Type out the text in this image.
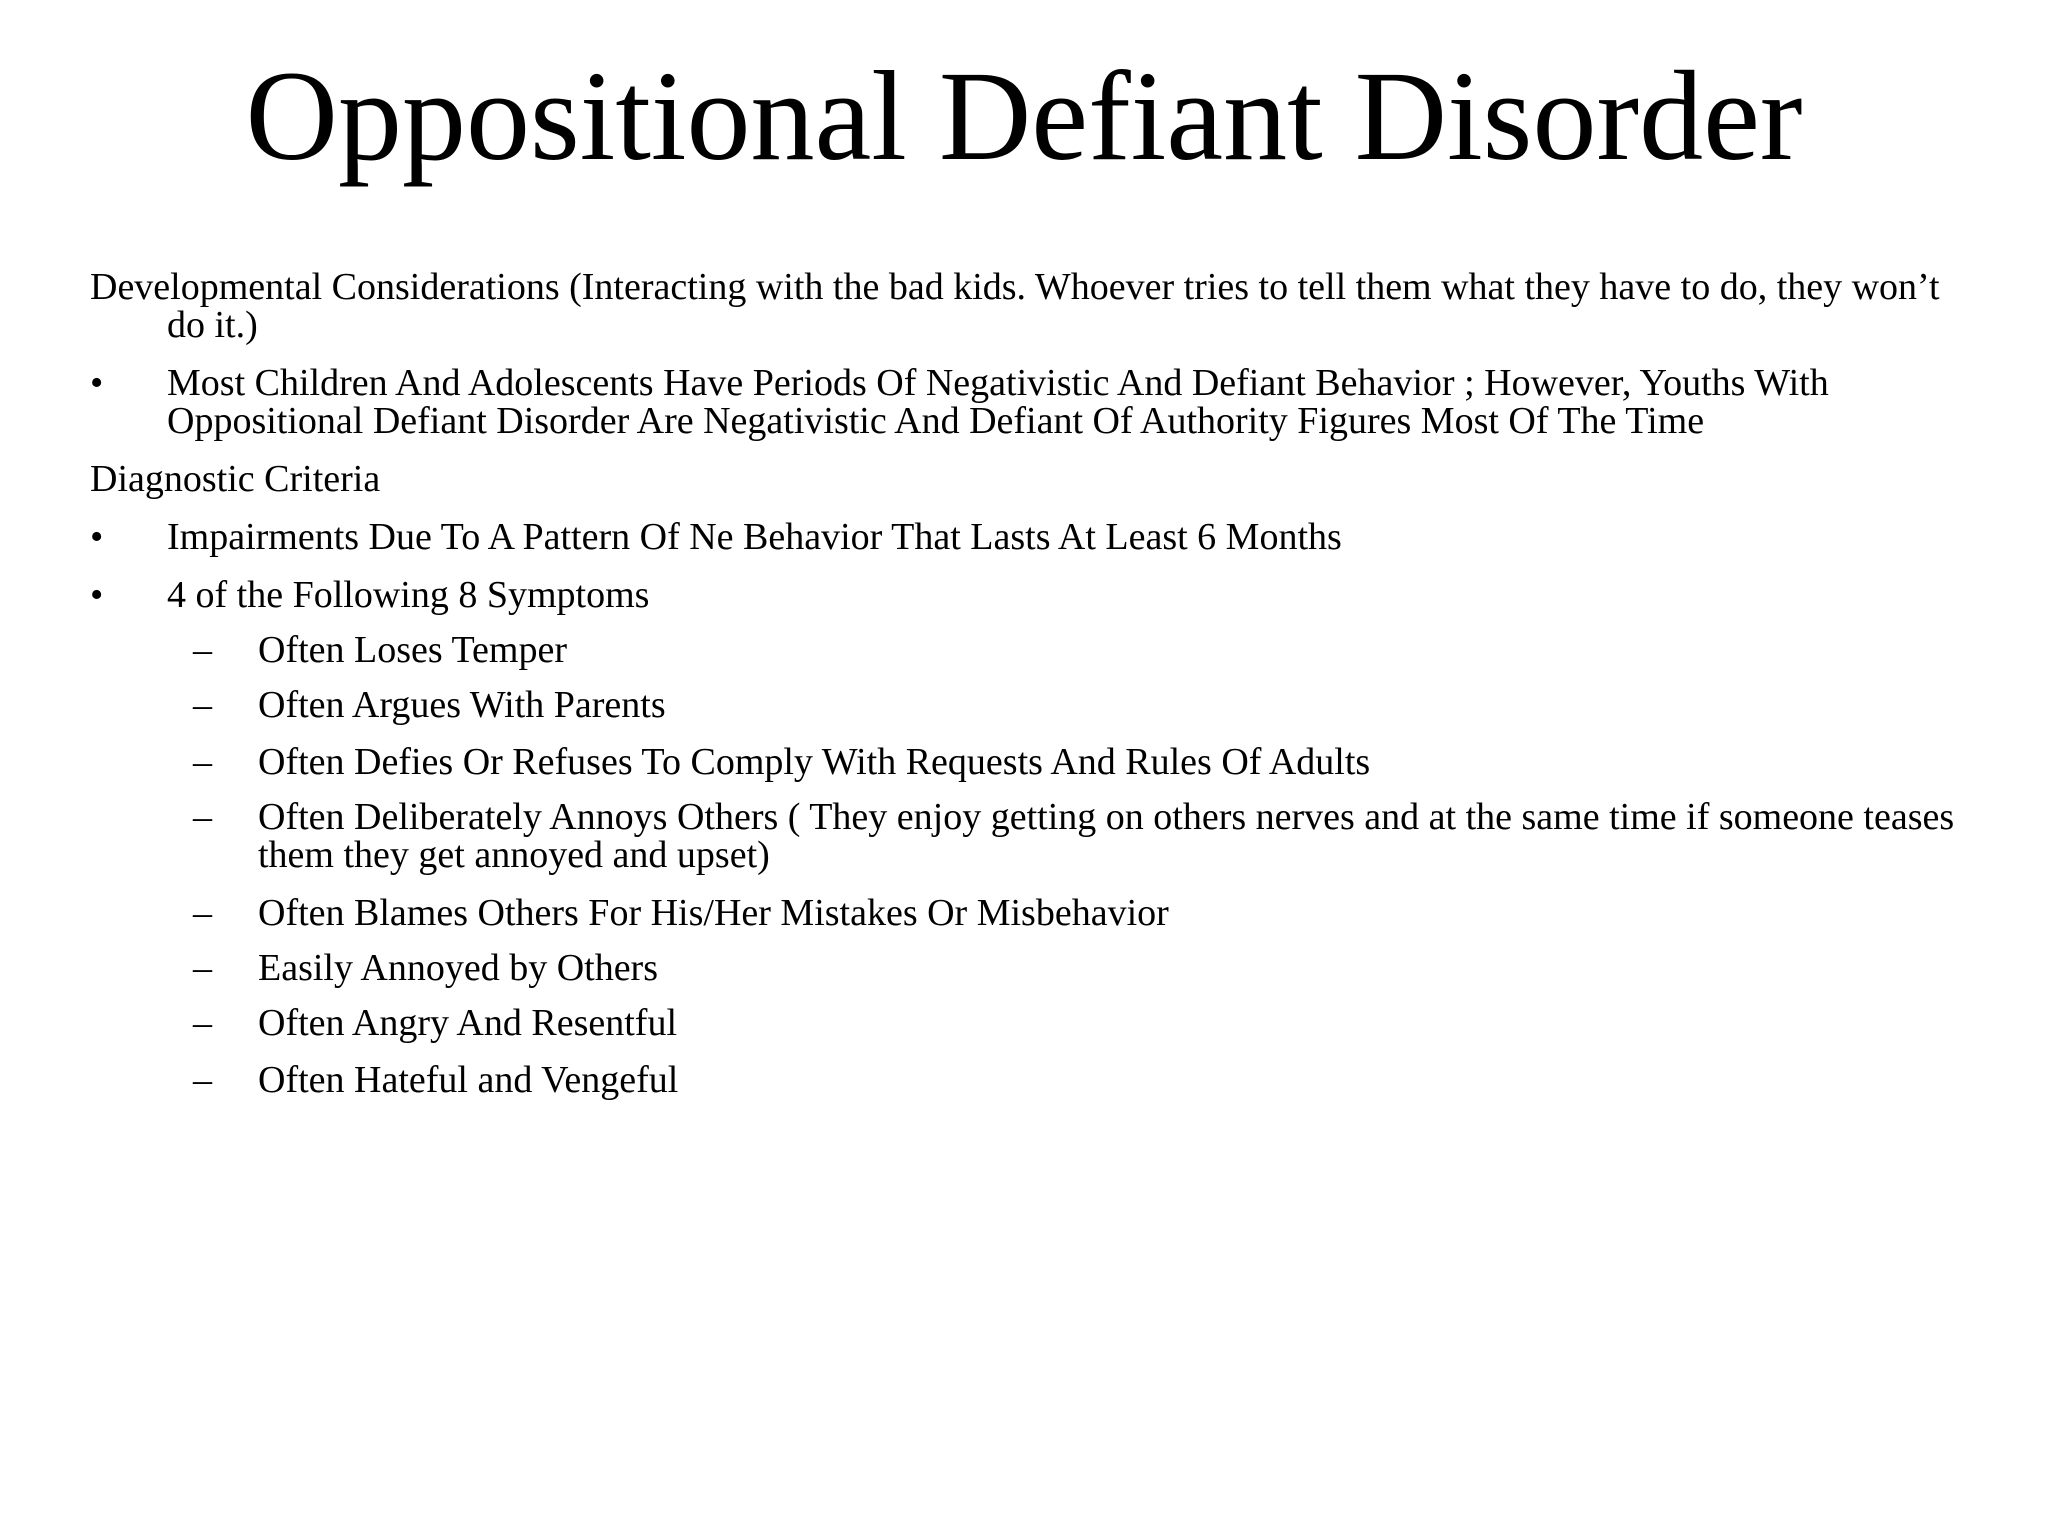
Oppositional Defiant Disorder
Developmental Considerations (Interacting with the bad kids. Whoever tries to tell them what they have to do, they won’t do it.)
• Most Children And Adolescents Have Periods Of Negativistic And Defiant Behavior ; However, Youths With Oppositional Defiant Disorder Are Negativistic And Defiant Of Authority Figures Most Of The Time
Diagnostic Criteria
• Impairments Due To A Pattern Of Ne Behavior That Lasts At Least 6 Months
• 4 of the Following 8 Symptoms
– Often Loses Temper
– Often Argues With Parents
– Often Defies Or Refuses To Comply With Requests And Rules Of Adults
– Often Deliberately Annoys Others ( They enjoy getting on others nerves and at the same time if someone teases them they get annoyed and upset)
– Often Blames Others For His/Her Mistakes Or Misbehavior
– Easily Annoyed by Others
– Often Angry And Resentful
– Often Hateful and Vengeful
